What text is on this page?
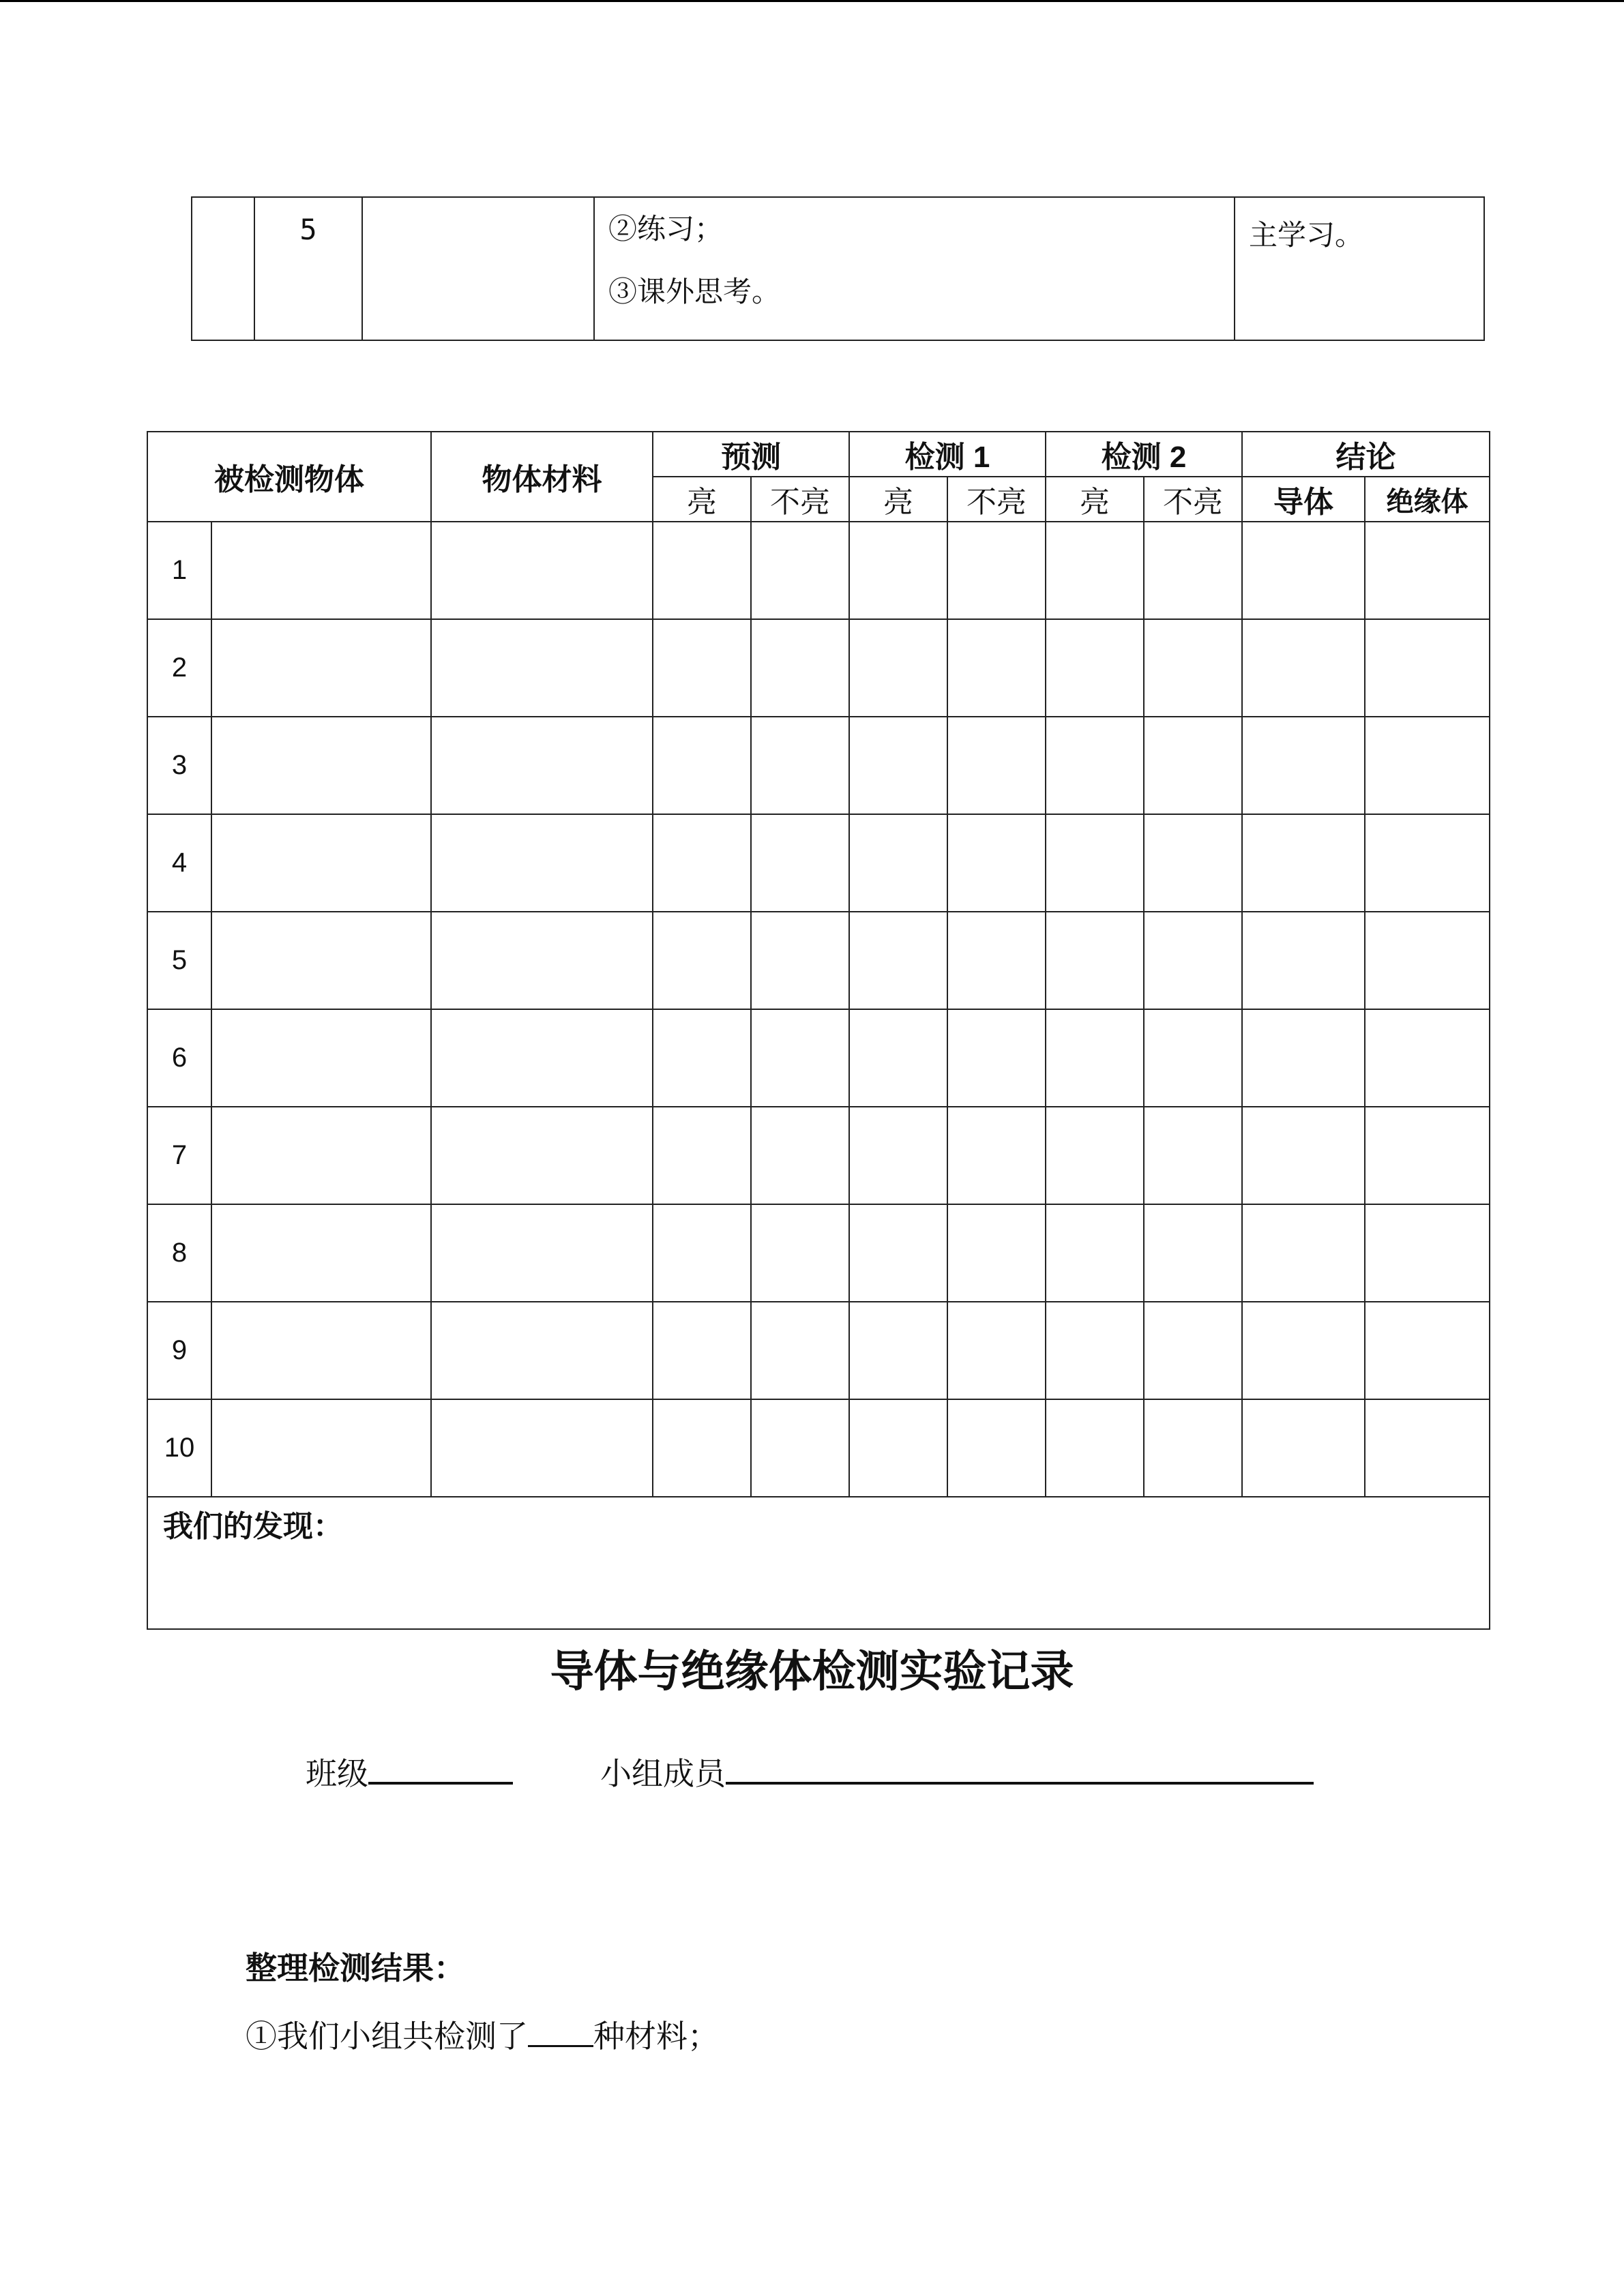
	5		②练习；
③课外思考。
	主学习。
被检测物体		物体材料	预测		检测 1		检测 2		结论	
			亮	不亮	亮	不亮	亮	不亮	导体	绝缘体
1										
2										
3										
4										
5										
6										
7										
8										
9										
10										
我们的发现：										
导体与绝缘体检测实验记录
班级	小组成员
整理检测结果：
①我们小组共检测了 种材料；
